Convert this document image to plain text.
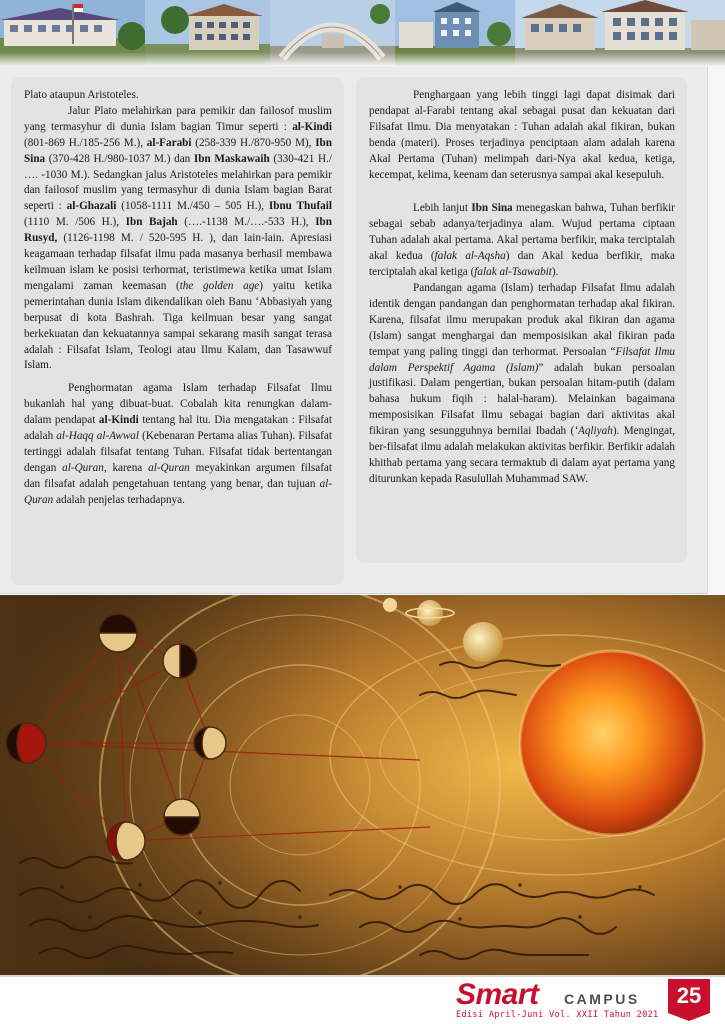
Plato ataupun Aristoteles.

Jalur Plato melahirkan para pemikir dan failosof muslim yang termasyhur di dunia Islam bagian Timur seperti : al-Kindi (801-869 H./185-256 M.), al-Farabi (258-339 H./870-950 M), Ibn Sina (370-428 H./980-1037 M.) dan Ibn Maskawaih (330-421 H./ …. -1030 M.). Sedangkan jalus Aristoteles melahirkan para pemikir dan failosof muslim yang termasyhur di dunia Islam bagian Barat seperti : al-Ghazali (1058-1111 M./450 – 505 H.), Ibnu Thufail (1110 M. /506 H.), Ibn Bajah (….-1138 M./….-533 H.), Ibn Rusyd, (1126-1198 M. / 520-595 H. ), dan lain-lain. Apresiasi keagamaan terhadap filsafat ilmu pada masanya berhasil membawa keilmuan islam ke posisi terhormat, teristimewa ketika umat Islam mengalami zaman keemasan (the golden age) yaitu ketika pemerintahan dunia Islam dikendalikan oleh Banu ‘Abbasiyah yang berpusat di kota Bashrah. Tiga keilmuan besar yang sangat berkekuatan dan kekuatannya sampai sekarang masih sangat terasa adalah : Filsafat Islam, Teologi atau Ilmu Kalam, dan Tasawwuf Islam.

Penghormatan agama Islam terhadap Filsafat Ilmu bukanlah hal yang dibuat-buat. Cobalah kita renungkan dalam-dalam pendapat al-Kindi tentang hal itu. Dia mengatakan : Filsafat adalah al-Haqq al-Awwal (Kebenaran Pertama alias Tuhan). Filsafat tertinggi adalah filsafat tentang Tuhan. Filsafat tidak bertentangan dengan al-Quran, karena al-Quran meyakinkan argumen filsafat dan filsafat adalah pengetahuan tentang yang benar, dan tujuan al-Quran adalah penjelas terhadapnya.

Penghargaan yang lebih tinggi lagi dapat disimak dari pendapat al-Farabi tentang akal sebagai pusat dan kekuatan dari Filsafat Ilmu. Dia menyatakan : Tuhan adalah akal fikiran, bukan benda (materi). Proses terjadinya penciptaan alam adalah karena Akal Pertama (Tuhan) melimpah dari-Nya akal kedua, ketiga, kecempat, kelima, keenam dan seterusnya sampai akal kesepuluh.

Lebih lanjut Ibn Sina menegaskan bahwa, Tuhan berfikir sebagai sebab adanya/terjadinya alam. Wujud pertama ciptaan Tuhan adalah akal pertama. Akal pertama berfikir, maka terciptalah akal kedua (falak al-Aqsha) dan Akal kedua berfikir, maka terciptalah akal ketiga (falak al-Tsawabit).

Pandangan agama (Islam) terhadap Filsafat Ilmu adalah identik dengan pandangan dan penghormatan terhadap akal fikiran. Karena, filsafat ilmu merupakan produk akal fikiran dan agama (Islam) sangat menghargai dan memposisikan akal fikiran pada tempat yang paling tinggi dan terhormat. Persoalan “Filsafat Ilmu dalam Perspektif Agama (Islam)” adalah bukan persoalan justifikasi. Dalam pengertian, bukan persoalan hitam-putih (dalam bahasa hukum fiqih : halal-haram). Melainkan bagaimana memposisikan Filsafat Ilmu sebagai bagian dari aktivitas akal fikiran yang sesungguhnya bernilai Ibadah (‘Aqliyah). Mengingat, ber-filsafat ilmu adalah melakukan aktivitas berfikir. Berfikir adalah khithab pertama yang secara termaktub di dalam ayat pertama yang diturunkan kepada Rasulullah Muhammad SAW.

Smart CAMPUS
Edisi April-Juni Vol. XXII Tahun 2021
25
